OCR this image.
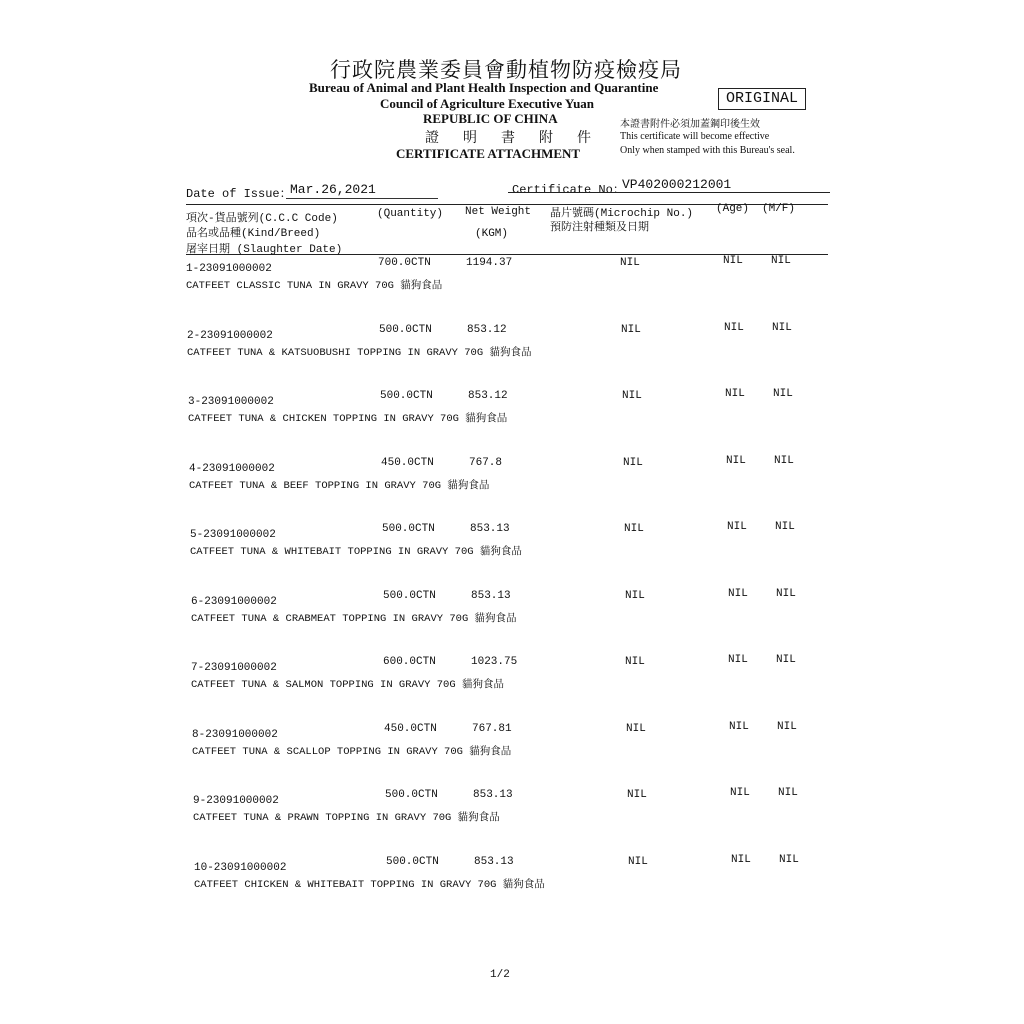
行政院農業委員會動植物防疫檢疫局
Bureau of Animal and Plant Health Inspection and Quarantine
Council of Agriculture Executive Yuan
REPUBLIC OF CHINA
證明書附件
CERTIFICATE ATTACHMENT
ORIGINAL
本證書附件必須加蓋鋼印後生效
This certificate will become effective
Only when stamped with this Bureau's seal.
Date of Issue：
Mar.26,2021	Certificate No：
VP402000212001
項次-貨品號列(C.C.C Code)
品名或品種(Kind/Breed)
屠宰日期 (Slaughter Date)
(Quantity) Net Weight
(KGM)
晶片號碼(Microchip No.)
預防注射種類及日期
(Age) (M/F)
1-23091000002
CATFEET CLASSIC TUNA IN GRAVY 70G 貓狗食品
700.0CTN	1194.37	NIL	NIL	NIL
2-23091000002
CATFEET TUNA & KATSUOBUSHI TOPPING IN GRAVY 70G 貓狗食品
500.0CTN	853.12	NIL	NIL	NIL
3-23091000002
CATFEET TUNA & CHICKEN TOPPING IN GRAVY 70G 貓狗食品
500.0CTN	853.12	NIL	NIL	NIL
4-23091000002
CATFEET TUNA & BEEF TOPPING IN GRAVY 70G 貓狗食品
450.0CTN	767.8	NIL	NIL	NIL
5-23091000002
CATFEET TUNA & WHITEBAIT TOPPING IN GRAVY 70G 貓狗食品
500.0CTN	853.13	NIL	NIL	NIL
6-23091000002
CATFEET TUNA & CRABMEAT TOPPING IN GRAVY 70G 貓狗食品
500.0CTN	853.13	NIL	NIL	NIL
7-23091000002
CATFEET TUNA & SALMON TOPPING IN GRAVY 70G 貓狗食品
600.0CTN	1023.75	NIL	NIL	NIL
8-23091000002
CATFEET TUNA & SCALLOP TOPPING IN GRAVY 70G 貓狗食品
450.0CTN	767.81	NIL	NIL	NIL
9-23091000002
CATFEET TUNA & PRAWN TOPPING IN GRAVY 70G 貓狗食品
500.0CTN	853.13	NIL	NIL	NIL
10-23091000002
CATFEET CHICKEN & WHITEBAIT TOPPING IN GRAVY 70G 貓狗食品
500.0CTN	853.13	NIL	NIL	NIL
1/2
